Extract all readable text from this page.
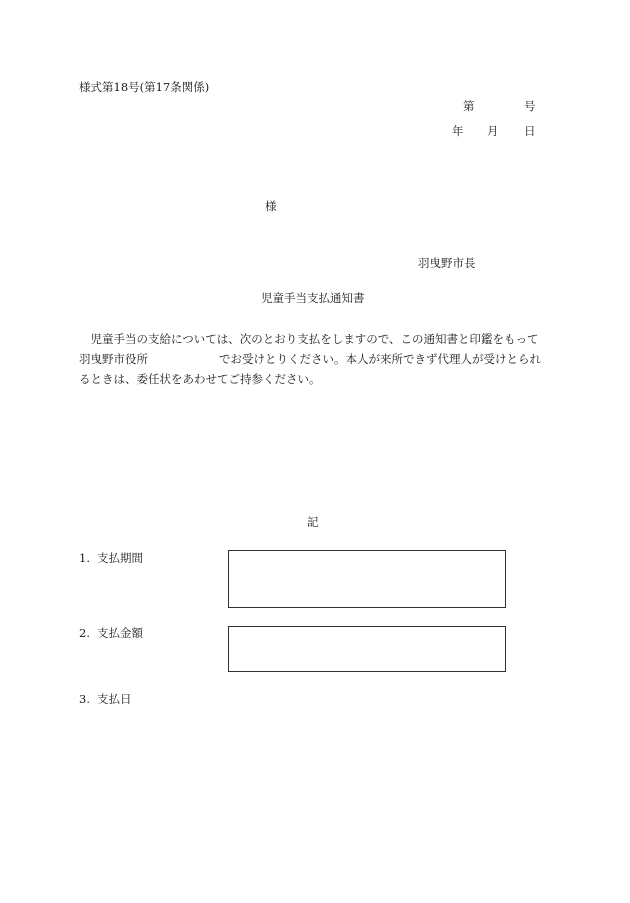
様式第18号(第17条関係)
第	号
年 月 日
様
羽曳野市長
児童手当支払通知書
　児童手当の支給については、次のとおり支払をしますので、この通知書と印鑑をもって
羽曳野市役所	でお受けとりください。本人が来所できず代理人が受けとられ
るときは、委任状をあわせてご持参ください。
記
1. 支払期間
2. 支払金額
3. 支払日
